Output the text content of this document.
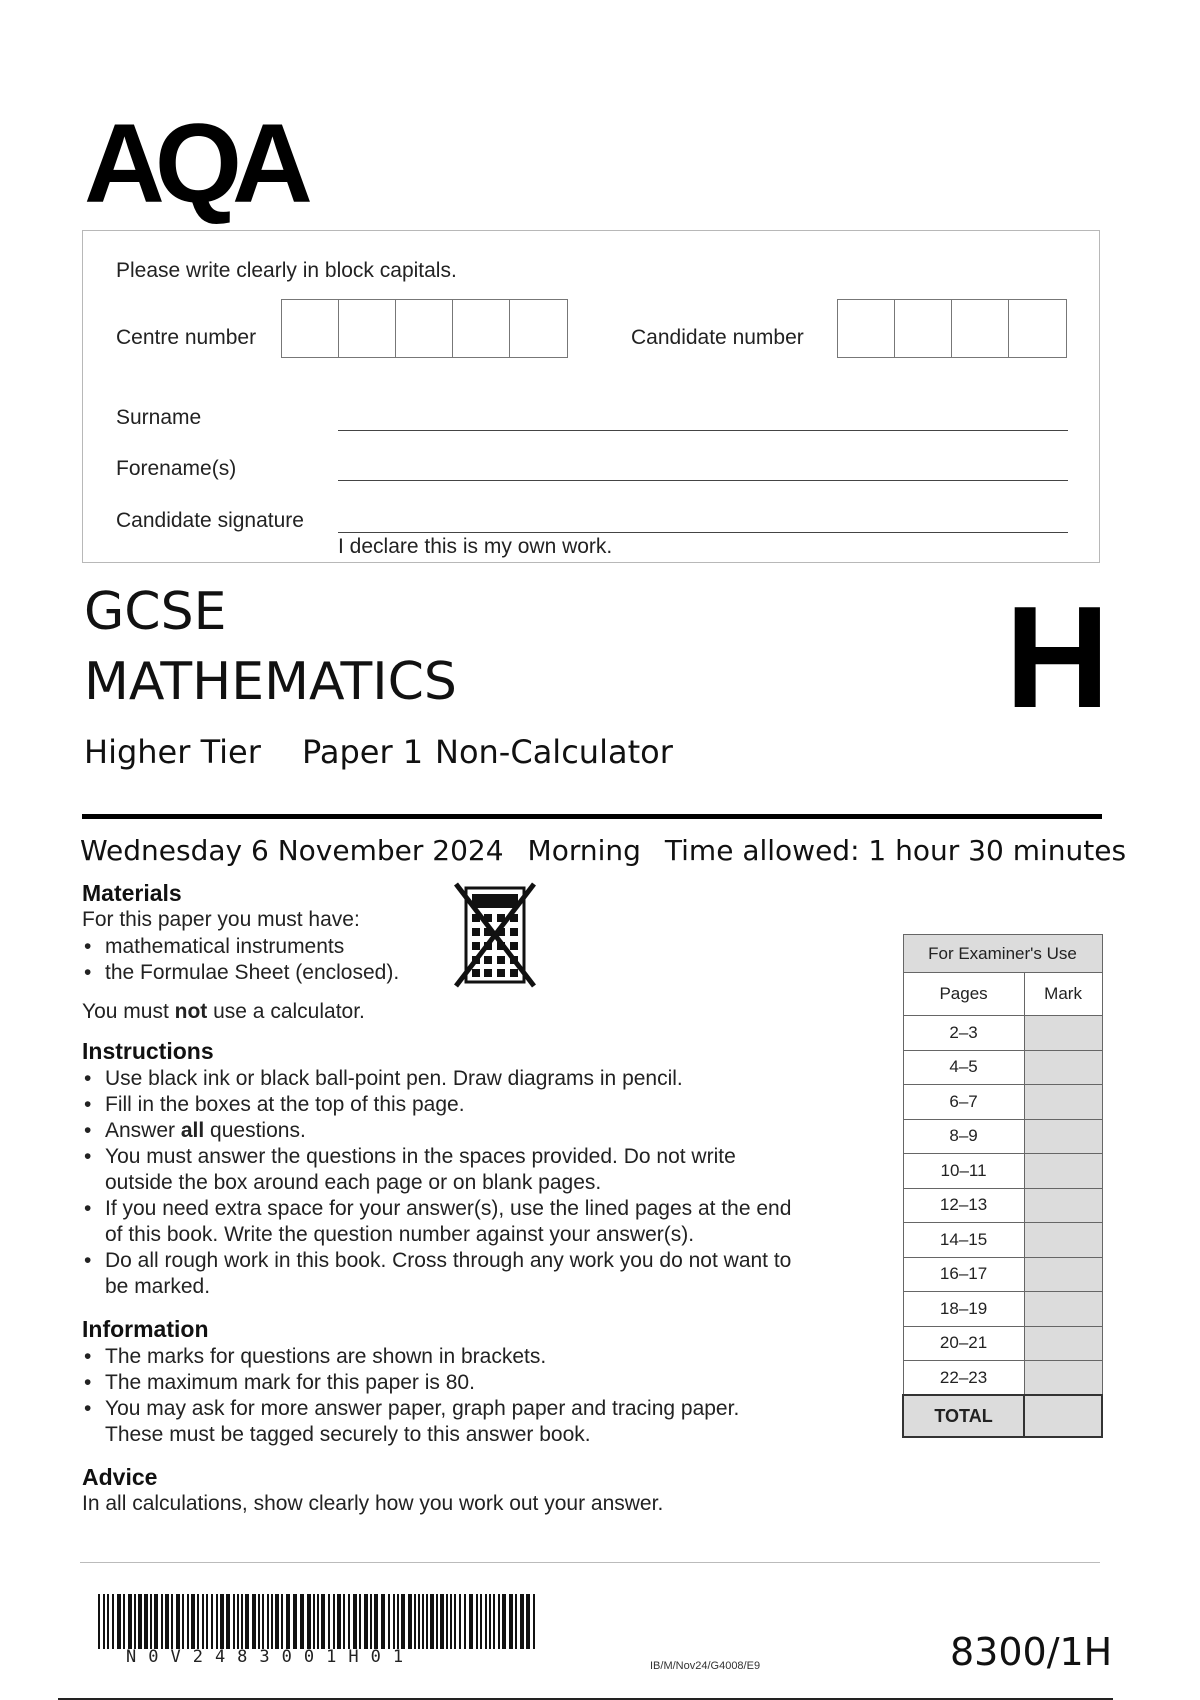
AQA
Please write clearly in block capitals.
Centre number	Candidate number
Surname
Forename(s)
Candidate signature
I declare this is my own work.
GCSE
MATHEMATICS
Higher Tier Paper 1 Non-Calculator
H
Wednesday 6 November 2024 Morning Time allowed: 1 hour 30 minutes
Materials
For this paper you must have:
• mathematical instruments
• the Formulae Sheet (enclosed).
You must not use a calculator.
Instructions
• Use black ink or black ball-point pen. Draw diagrams in pencil.
• Fill in the boxes at the top of this page.
• Answer all questions.
• You must answer the questions in the spaces provided. Do not write
outside the box around each page or on blank pages.
• If you need extra space for your answer(s), use the lined pages at the end
of this book. Write the question number against your answer(s).
• Do all rough work in this book. Cross through any work you do not want to
be marked.
Information
• The marks for questions are shown in brackets.
• The maximum mark for this paper is 80.
• You may ask for more answer paper, graph paper and tracing paper.
These must be tagged securely to this answer book.
Advice
In all calculations, show clearly how you work out your answer.
For Examiner's Use	
Pages	Mark
2–3	
4–5	
6–7	
8–9	
10–11	
12–13	
14–15	
16–17	
18–19	
20–21	
22–23	
TOTAL	
N0V2483001H01	IB/M/Nov24/G4008/E9	8300/1H
